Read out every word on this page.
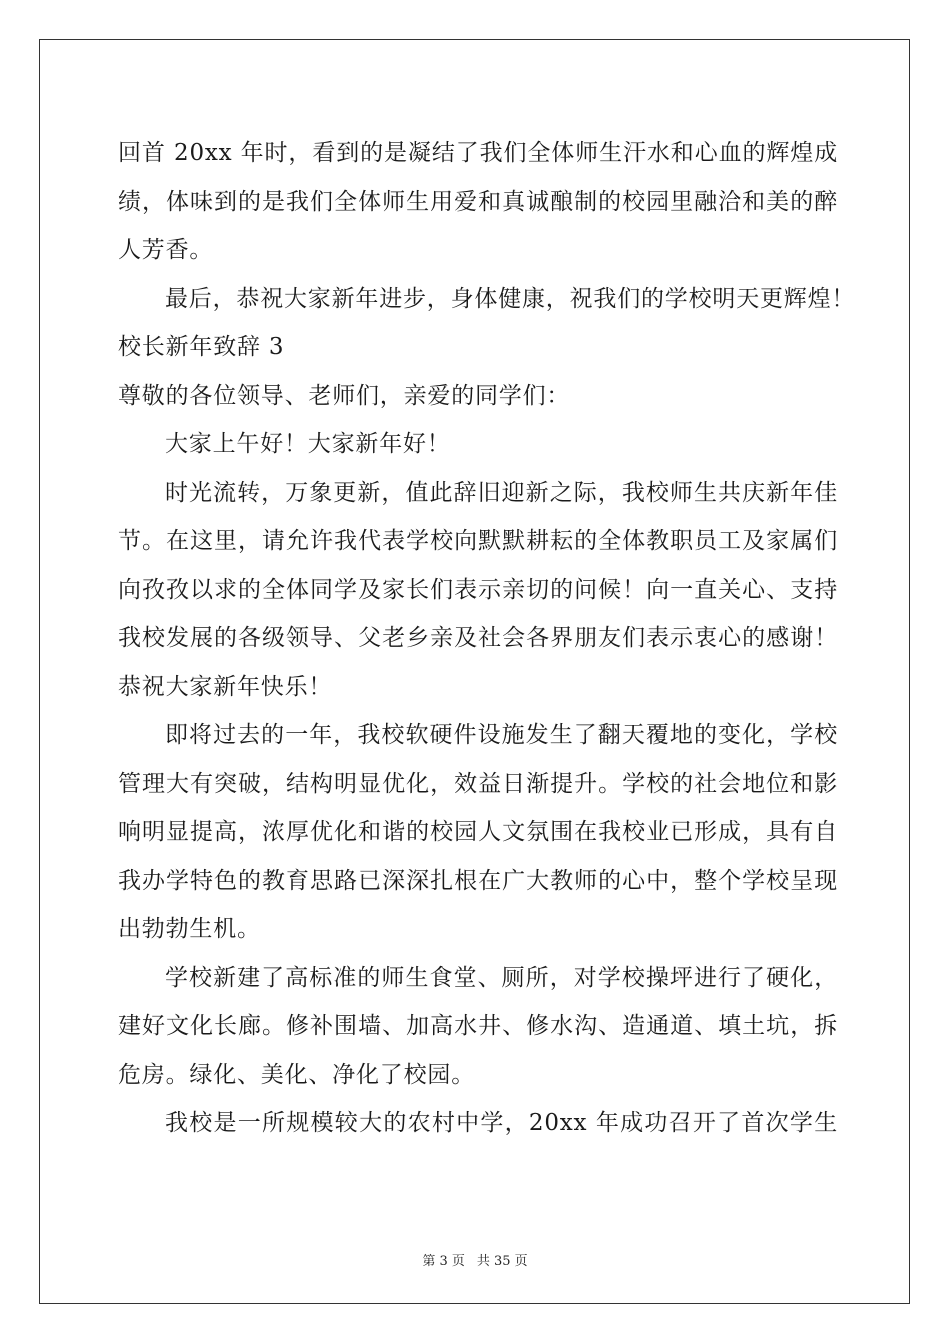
回首 20xx 年时，看到的是凝结了我们全体师生汗水和心血的辉煌成
绩，体味到的是我们全体师生用爱和真诚酿制的校园里融洽和美的醉
人芳香。
最后，恭祝大家新年进步，身体健康，祝我们的学校明天更辉煌！
校长新年致辞 3
尊敬的各位领导、老师们，亲爱的同学们：
大家上午好！大家新年好！
时光流转，万象更新，值此辞旧迎新之际，我校师生共庆新年佳
节。在这里，请允许我代表学校向默默耕耘的全体教职员工及家属们
向孜孜以求的全体同学及家长们表示亲切的问候！向一直关心、支持
我校发展的各级领导、父老乡亲及社会各界朋友们表示衷心的感谢！
恭祝大家新年快乐！
即将过去的一年，我校软硬件设施发生了翻天覆地的变化，学校
管理大有突破，结构明显优化，效益日渐提升。学校的社会地位和影
响明显提高，浓厚优化和谐的校园人文氛围在我校业已形成，具有自
我办学特色的教育思路已深深扎根在广大教师的心中，整个学校呈现
出勃勃生机。
学校新建了高标准的师生食堂、厕所，对学校操坪进行了硬化，
建好文化长廊。修补围墙、加高水井、修水沟、造通道、填土坑，拆
危房。绿化、美化、净化了校园。
我校是一所规模较大的农村中学，20xx 年成功召开了首次学生
第 3 页 共 35 页
